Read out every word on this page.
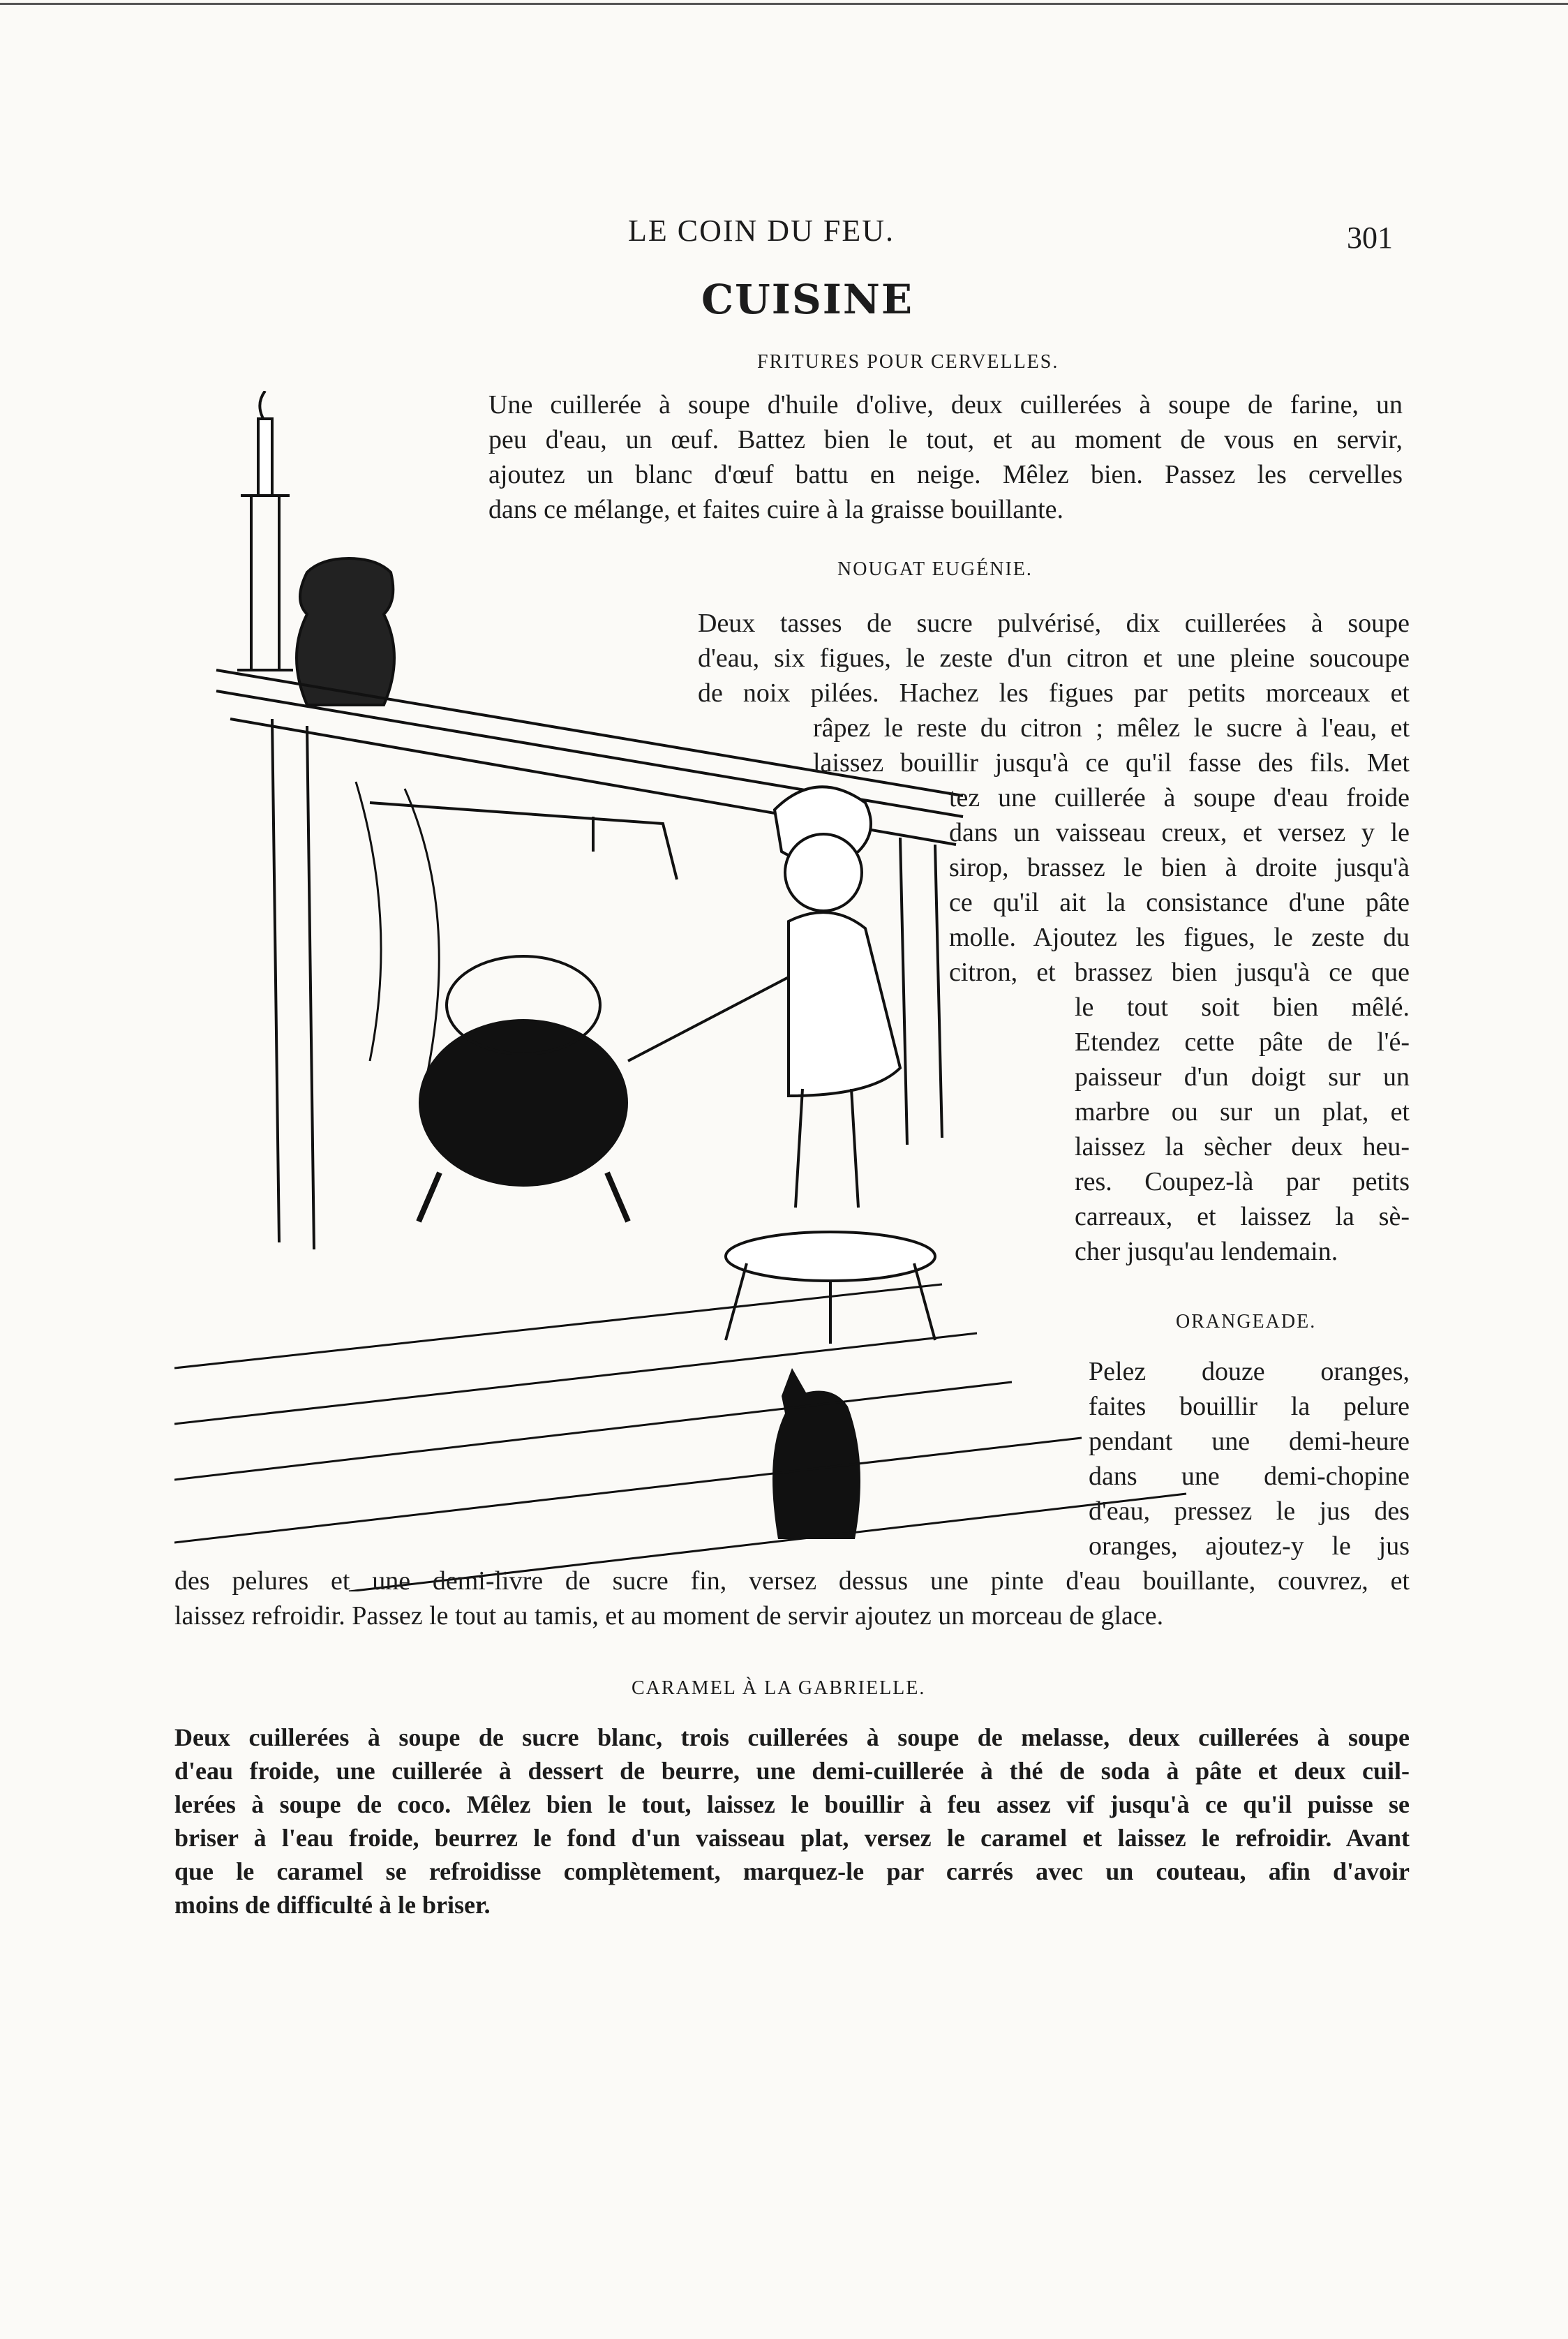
LE COIN DU FEU.	301
CUISINE
FRITURES POUR CERVELLES.
Une cuillerée à soupe d'huile d'olive, deux cuillerées à soupe de farine, un
peu d'eau, un œuf. Battez bien le tout, et au moment de vous en servir,
ajoutez un blanc d'œuf battu en neige. Mêlez bien. Passez les cervelles
dans ce mélange, et faites cuire à la graisse bouillante.
NOUGAT EUGÉNIE.
Deux tasses de sucre pulvérisé, dix cuillerées à soupe
d'eau, six figues, le zeste d'un citron et une pleine soucoupe
de noix pilées. Hachez les figues par petits morceaux et
râpez le reste du citron ; mêlez le sucre à l'eau, et
laissez bouillir jusqu'à ce qu'il fasse des fils. Met
tez une cuillerée à soupe d'eau froide
dans un vaisseau creux, et versez y le
sirop, brassez le bien à droite jusqu'à
ce qu'il ait la consistance d'une pâte
molle. Ajoutez les figues, le zeste du
citron, et brassez bien jusqu'à ce que
le tout soit bien mêlé.
Etendez cette pâte de l'é-
paisseur d'un doigt sur un
marbre ou sur un plat, et
laissez la sècher deux heu-
res. Coupez-là par petits
carreaux, et laissez la sè-
cher jusqu'au lendemain.
ORANGEADE.
Pelez douze oranges,
faites bouillir la pelure
pendant une demi-heure
dans une demi-chopine
d'eau, pressez le jus des
oranges, ajoutez-y le jus
des pelures et une demi-livre de sucre fin, versez dessus une pinte d'eau bouillante, couvrez, et
laissez refroidir. Passez le tout au tamis, et au moment de servir ajoutez un morceau de glace.
CARAMEL À LA GABRIELLE.
Deux cuillerées à soupe de sucre blanc, trois cuillerées à soupe de melasse, deux cuillerées à soupe
d'eau froide, une cuillerée à dessert de beurre, une demi-cuillerée à thé de soda à pâte et deux cuil-
lerées à soupe de coco. Mêlez bien le tout, laissez le bouillir à feu assez vif jusqu'à ce qu'il puisse se
briser à l'eau froide, beurrez le fond d'un vaisseau plat, versez le caramel et laissez le refroidir. Avant
que le caramel se refroidisse complètement, marquez-le par carrés avec un couteau, afin d'avoir
moins de difficulté à le briser.
